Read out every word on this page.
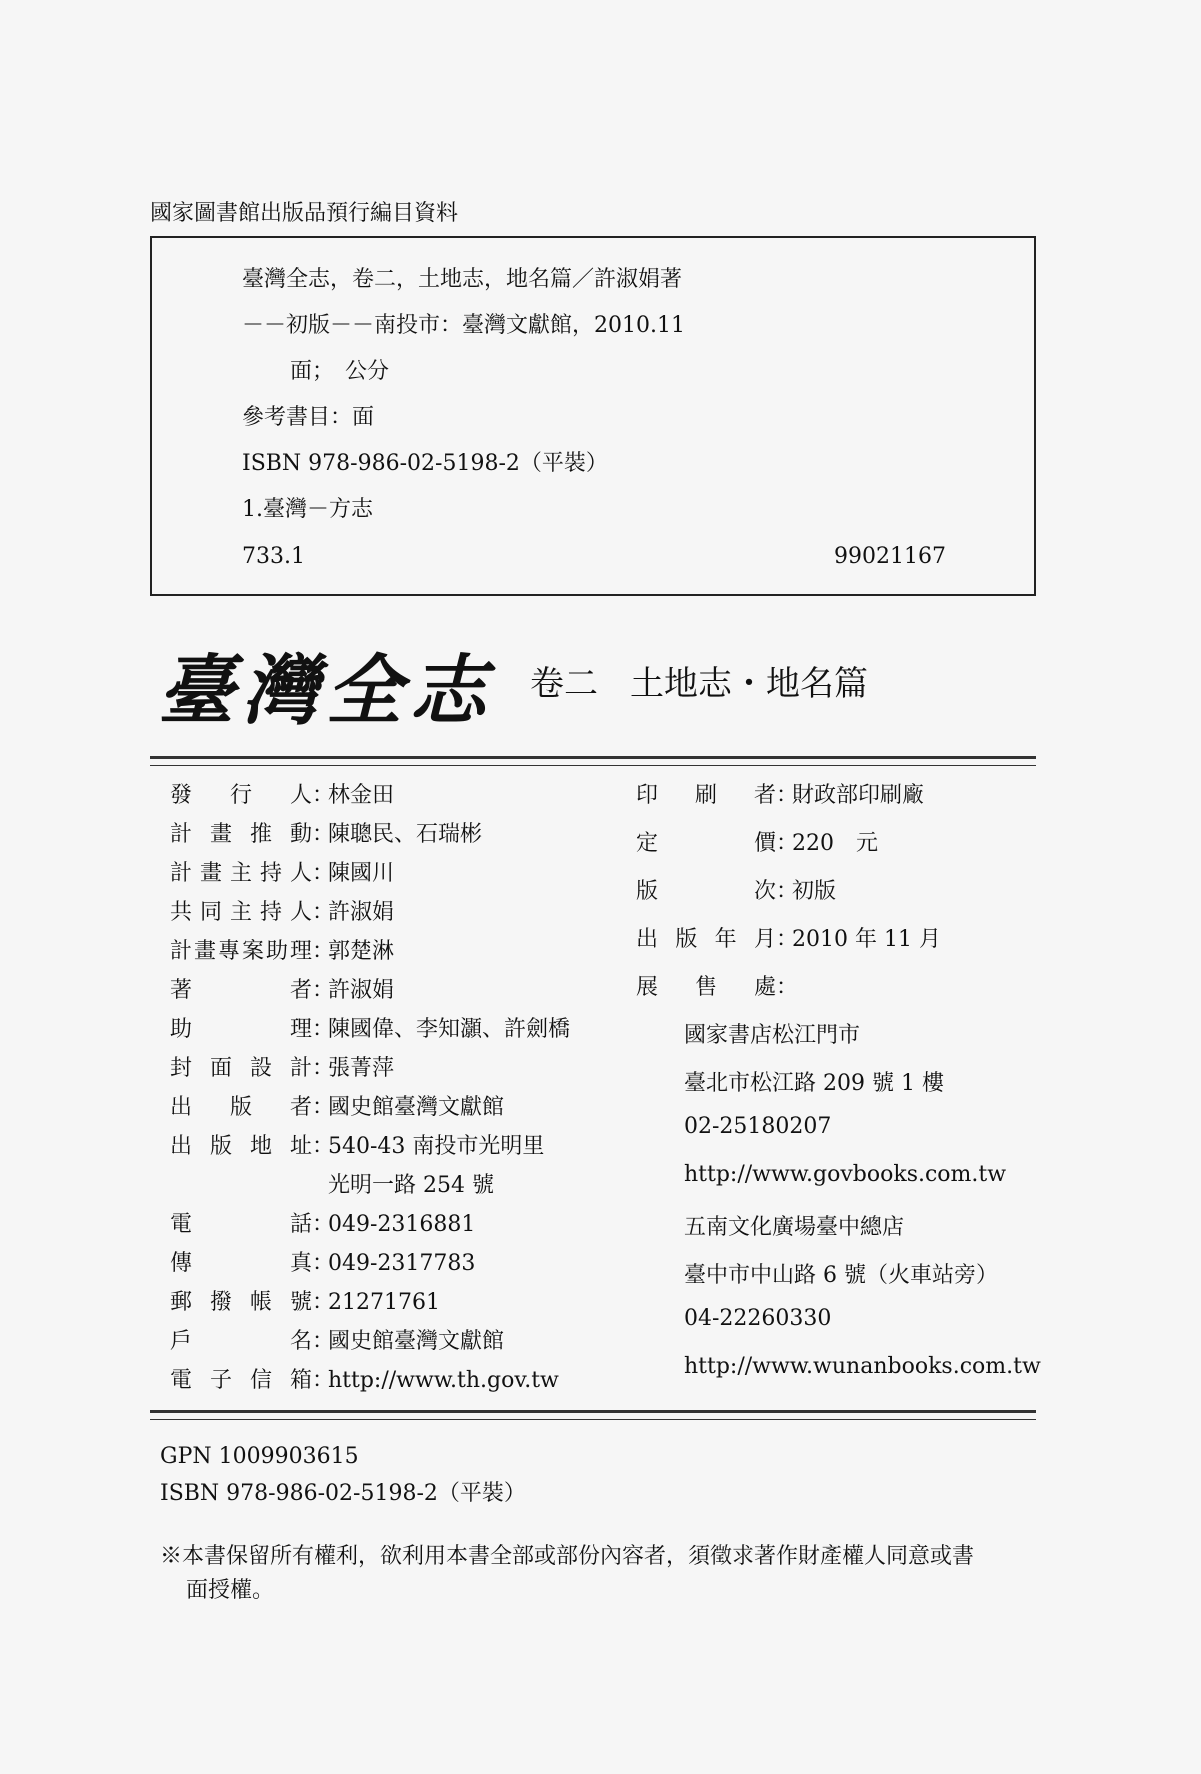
國家圖書館出版品預行編目資料
臺灣全志，卷二，土地志，地名篇／許淑娟著
－－初版－－南投市：臺灣文獻館，2010.11
面；　公分
參考書目：面
ISBN 978-986-02-5198-2（平裝）
1.臺灣－方志
733.1	99021167
臺灣全志 卷二 土地志・地名篇
發行人：林金田
計畫推動：陳聰民、石瑞彬
計畫主持人：陳國川
共同主持人：許淑娟
計畫專案助理：郭楚淋
著者：許淑娟
助理：陳國偉、李知灝、許劍橋
封面設計：張菁萍
出版者：國史館臺灣文獻館
出版地址：540-43 南投市光明里
光明一路 254 號
電話：049-2316881
傳真：049-2317783
郵撥帳號：21271761
戶名：國史館臺灣文獻館
電子信箱：http://www.th.gov.tw
印刷者：財政部印刷廠
定價：220　元
版次：初版
出版年月：2010 年 11 月
展售處：
國家書店松江門市
臺北市松江路 209 號 1 樓
02-25180207
http://www.govbooks.com.tw
五南文化廣場臺中總店
臺中市中山路 6 號（火車站旁）
04-22260330
http://www.wunanbooks.com.tw
GPN 1009903615
ISBN 978-986-02-5198-2（平裝）
※本書保留所有權利，欲利用本書全部或部份內容者，須徵求著作財產權人同意或書
面授權。
